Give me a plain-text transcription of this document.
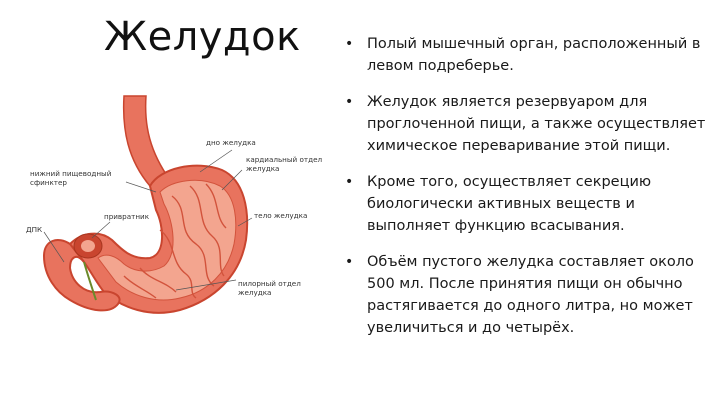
Желудок
дно желудка
нижний пищеводный сфинктер
кардиальный отдел желудка
привратник	тело желудка
ДПК
пилорный отдел желудка
• Полый мышечный орган, расположенный в левом подреберье.
• Желудок является резервуаром для проглоченной пищи, а также осуществляет химическое переваривание этой пищи.
• Кроме того, осуществляет секрецию биологически активных веществ и выполняет функцию всасывания.
• Объём пустого желудка составляет около 500 мл. После принятия пищи он обычно растягивается до одного литра, но может увеличиться и до четырёх.
